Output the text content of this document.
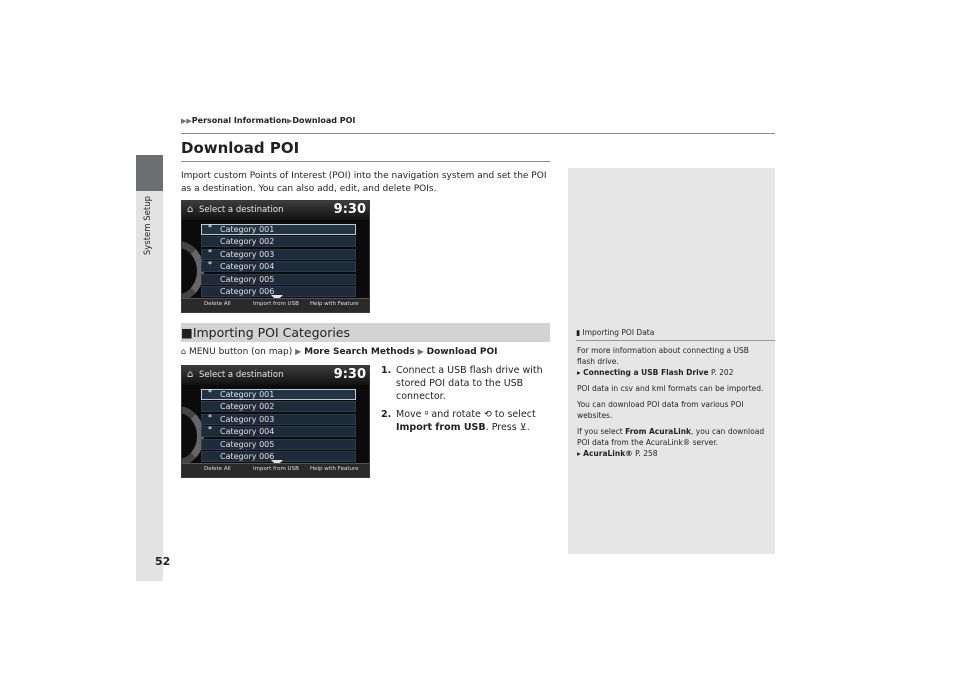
System Setup
▶▶Personal Information▶Download POI
Download POI
Import custom Points of Interest (POI) into the navigation system and set the POI as a destination. You can also add, edit, and delete POIs.
⌂ Select a destination	9:30
* Category 001
Category 002
* Category 003
* Category 004
Category 005
Category 006
Delete All	Import from USB Help with Feature
■Importing POI Categories
⌂ MENU button (on map) ▶ More Search Methods ▶ Download POI
⌂ Select a destination	9:30
* Category 001
Category 002
* Category 003
* Category 004
Category 005
Category 006
Delete All	Import from USB Help with Feature
1. Connect a USB flash drive with stored POI data to the USB connector.
2. Move ᵍ and rotate ⟲ to select Import from USB. Press ⊻.
▮ Importing POI Data

For more information about connecting a USB flash drive.
▸ Connecting a USB Flash Drive P. 202

POI data in csv and kml formats can be imported.

You can download POI data from various POI websites.

If you select From AcuraLink, you can download POI data from the AcuraLink® server.
▸ AcuraLink® P. 258

52
